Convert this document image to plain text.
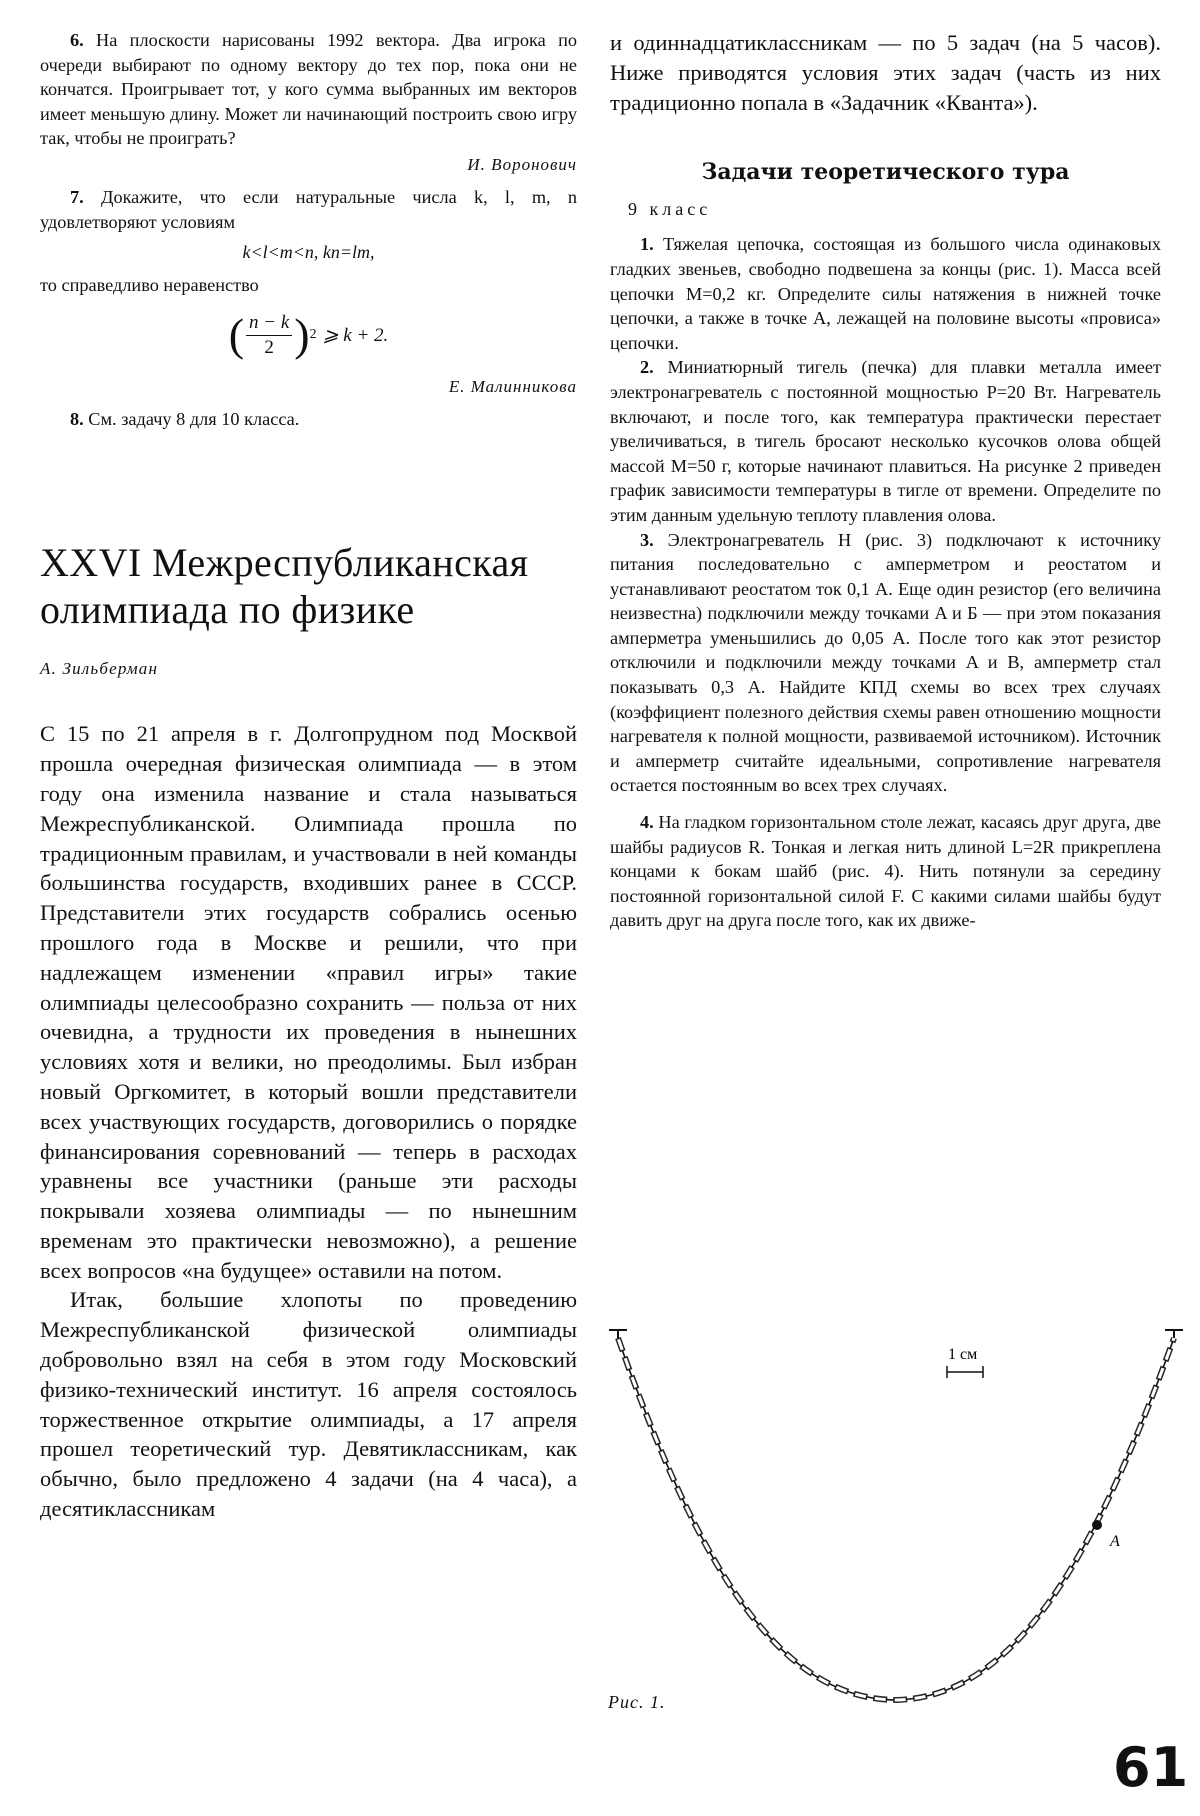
6. На плоскости нарисованы 1992 вектора. Два игрока по очереди выбирают по одному вектору до тех пор, пока они не кончатся. Проигрывает тот, у кого сумма выбранных им векторов имеет меньшую длину. Может ли начинающий построить свою игру так, чтобы не проиграть?

И. Воронович

7. Докажите, что если натуральные числа k, l, m, n удовлетворяют условиям

k<l<m<n, kn=lm,

то справедливо неравенство

( $\frac{n - k}{2}$ ) 2 ⩾ k + 2.
Е. Малинникова

8. См. задачу 8 для 10 класса.

XXVI Межреспубликанская
олимпиада по физике
А. Зильберман

С 15 по 21 апреля в г. Долгопрудном под Москвой прошла очередная физическая олимпиада — в этом году она изменила название и стала называться Межреспубликанской. Олимпиада прошла по традиционным правилам, и участвовали в ней команды большинства государств, входивших ранее в СССР. Представители этих государств собрались осенью прошлого года в Москве и решили, что при надлежащем изменении «правил игры» такие олимпиады целесообразно сохранить — польза от них очевидна, а трудности их проведения в нынешних условиях хотя и велики, но преодолимы. Был избран новый Оргкомитет, в который вошли представители всех участвующих государств, договорились о порядке финансирования соревнований — теперь в расходах уравнены все участники (раньше эти расходы покрывали хозяева олимпиады — по нынешним временам это практически невозможно), а решение всех вопросов «на будущее» оставили на потом.

Итак, большие хлопоты по проведению Межреспубликанской физической олимпиады добровольно взял на себя в этом году Московский физико-технический институт. 16 апреля состоялось торжественное открытие олимпиады, а 17 апреля прошел теоретический тур. Девятиклассникам, как обычно, было предложено 4 задачи (на 4 часа), а десятиклассникам

и одиннадцатиклассникам — по 5 задач (на 5 часов). Ниже приводятся условия этих задач (часть из них традиционно попала в «Задачник «Кванта»).

Задачи теоретического тура
9 класс

1. Тяжелая цепочка, состоящая из большого числа одинаковых гладких звеньев, свободно подвешена за концы (рис. 1). Масса всей цепочки M=0,2 кг. Определите силы натяжения в нижней точке цепочки, а также в точке A, лежащей на половине высоты «провиса» цепочки.

2. Миниатюрный тигель (печка) для плавки металла имеет электронагреватель с постоянной мощностью P=20 Вт. Нагреватель включают, и после того, как температура практически перестает увеличиваться, в тигель бросают несколько кусочков олова общей массой M=50 г, которые начинают плавиться. На рисунке 2 приведен график зависимости температуры в тигле от времени. Определите по этим данным удельную теплоту плавления олова.

3. Электронагреватель H (рис. 3) подключают к источнику питания последовательно с амперметром и реостатом и устанавливают реостатом ток 0,1 А. Еще один резистор (его величина неизвестна) подключили между точками A и Б — при этом показания амперметра уменьшились до 0,05 А. После того как этот резистор отключили и подключили между точками A и B, амперметр стал показывать 0,3 А. Найдите КПД схемы во всех трех случаях (коэффициент полезного действия схемы равен отношению мощности нагревателя к полной мощности, развиваемой источником). Источник и амперметр считайте идеальными, сопротивление нагревателя остается постоянным во всех трех случаях.

4. На гладком горизонтальном столе лежат, касаясь друг друга, две шайбы радиусов R. Тонкая и легкая нить длиной L=2R прикреплена концами к бокам шайб (рис. 4). Нить потянули за середину постоянной горизонтальной силой F. С какими силами шайбы будут давить друг на друга после того, как их движе-

A
1 см
Рис. 1.
61
